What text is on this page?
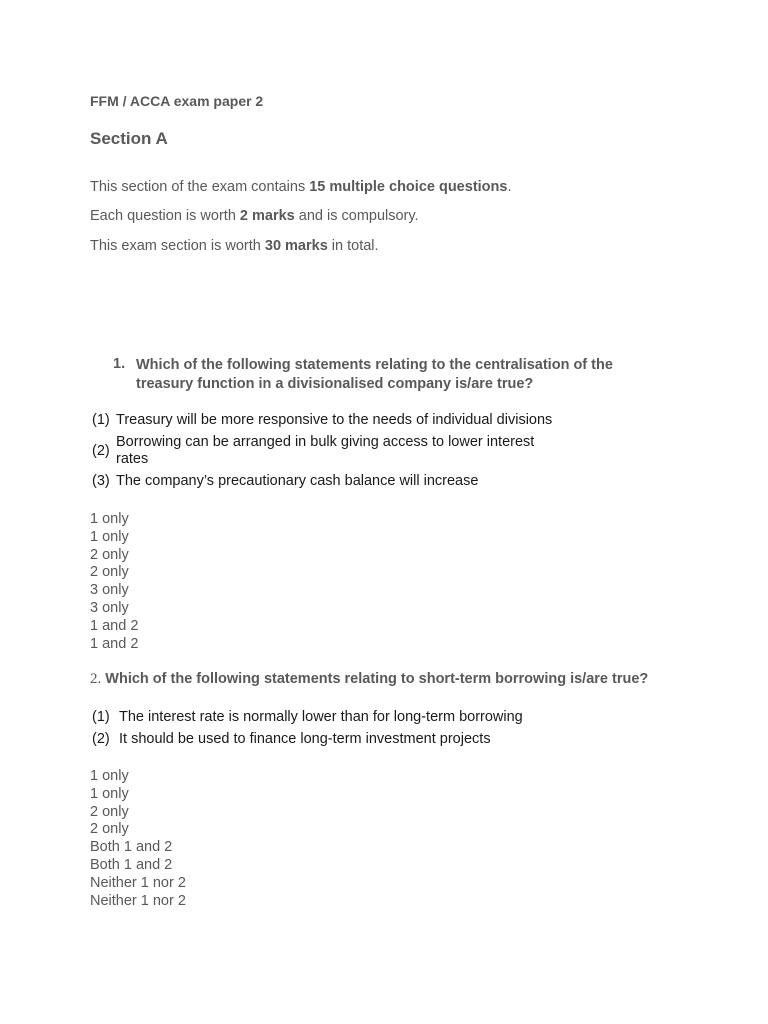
FFM / ACCA exam paper 2
Section A
This section of the exam contains 15 multiple choice questions.
Each question is worth 2 marks and is compulsory.
This exam section is worth 30 marks in total.
1. Which of the following statements relating to the centralisation of the treasury function in a divisionalised company is/are true?
(1) Treasury will be more responsive to the needs of individual divisions
(2)
Borrowing can be arranged in bulk giving access to lower interest rates
(3) The company’s precautionary cash balance will increase
1 only
1 only
2 only
2 only
3 only
3 only
1 and 2
1 and 2
2. Which of the following statements relating to short-term borrowing is/are true?
(1) The interest rate is normally lower than for long-term borrowing
(2) It should be used to finance long-term investment projects
1 only
1 only
2 only
2 only
Both 1 and 2
Both 1 and 2
Neither 1 nor 2
Neither 1 nor 2
